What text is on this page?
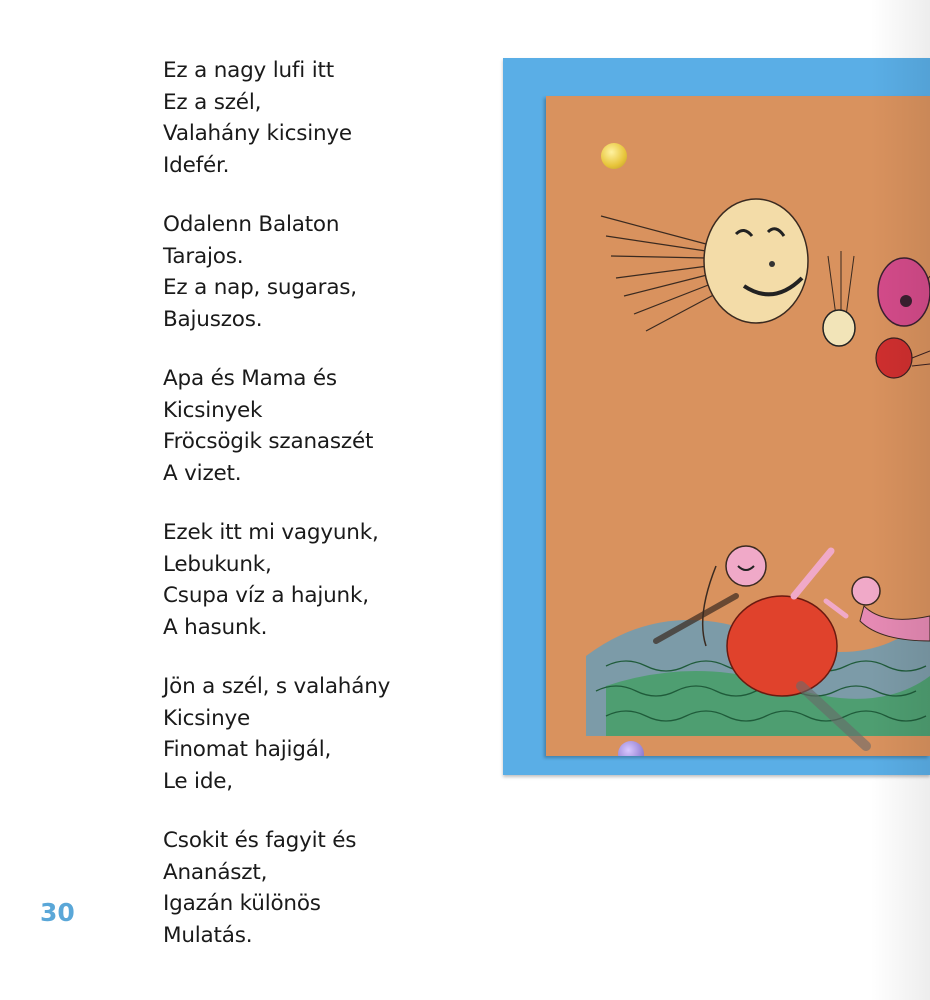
Ez a nagy lufi itt
Ez a szél,
Valahány kicsinye
Idefér.
Odalenn Balaton
Tarajos.
Ez a nap, sugaras,
Bajuszos.
Apa és Mama és
Kicsinyek
Fröcsögik szanaszét
A vizet.
Ezek itt mi vagyunk,
Lebukunk,
Csupa víz a hajunk,
A hasunk.
Jön a szél, s valahány
Kicsinye
Finomat hajigál,
Le ide,
Csokit és fagyit és
Ananászt,
Igazán különös
Mulatás.
30
